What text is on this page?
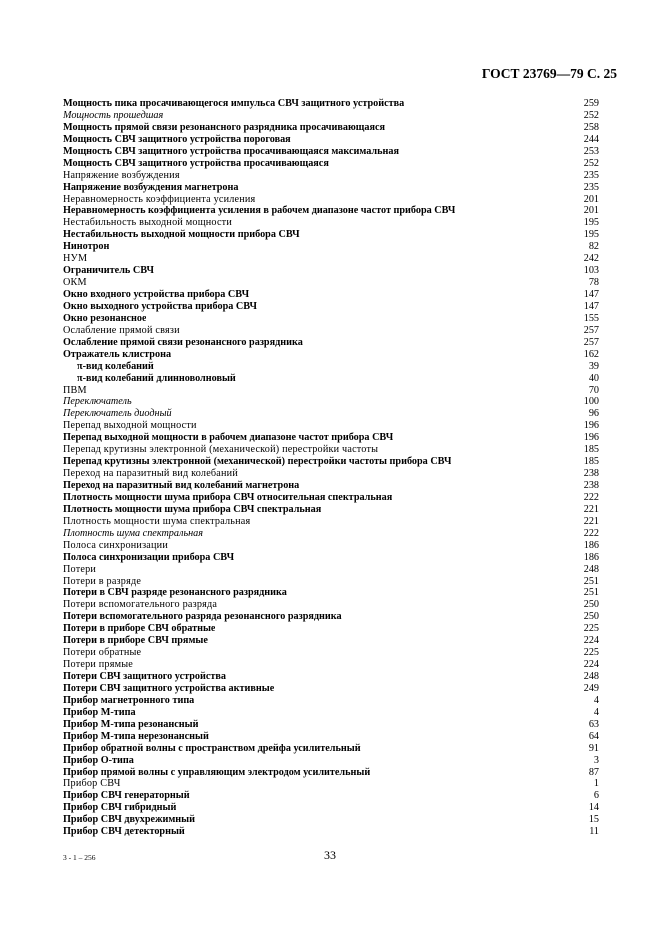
ГОСТ 23769—79 С. 25
Мощность пика просачивающегося импульса СВЧ защитного устройства	259
Мощность прошедшая	252
Мощность прямой связи резонансного разрядника просачивающаяся	258
Мощность СВЧ защитного устройства пороговая	244
Мощность СВЧ защитного устройства просачивающаяся максимальная	253
Мощность СВЧ защитного устройства просачивающаяся	252
Напряжение возбуждения	235
Напряжение возбуждения магнетрона	235
Неравномерность коэффициента усиления	201
Неравномерность коэффициента усиления в рабочем диапазоне частот прибора СВЧ	201
Нестабильность выходной мощности	195
Нестабильность выходной мощности прибора СВЧ	195
Нинотрон	82
НУМ	242
Ограничитель СВЧ	103
ОКМ	78
Окно входного устройства прибора СВЧ	147
Окно выходного устройства прибора СВЧ	147
Окно резонансное	155
Ослабление прямой связи	257
Ослабление прямой связи резонансного разрядника	257
Отражатель клистрона	162
π-вид колебаний	39
π-вид колебаний длинноволновый	40
ПВМ	70
Переключатель	100
Переключатель диодный	96
Перепад выходной мощности	196
Перепад выходной мощности в рабочем диапазоне частот прибора СВЧ	196
Перепад крутизны электронной (механической) перестройки частоты	185
Перепад крутизны электронной (механической) перестройки частоты прибора СВЧ	185
Переход на паразитный вид колебаний	238
Переход на паразитный вид колебаний магнетрона	238
Плотность мощности шума прибора СВЧ относительная спектральная	222
Плотность мощности шума прибора СВЧ спектральная	221
Плотность мощности шума спектральная	221
Плотность шума спектральная	222
Полоса синхронизации	186
Полоса синхронизации прибора СВЧ	186
Потери	248
Потери в разряде	251
Потери в СВЧ разряде резонансного разрядника	251
Потери вспомогательного разряда	250
Потери вспомогательного разряда резонансного разрядника	250
Потери в приборе СВЧ обратные	225
Потери в приборе СВЧ прямые	224
Потери обратные	225
Потери прямые	224
Потери СВЧ защитного устройства	248
Потери СВЧ защитного устройства активные	249
Прибор магнетронного типа	4
Прибор М-типа	4
Прибор М-типа резонансный	63
Прибор М-типа нерезонансный	64
Прибор обратной волны с пространством дрейфа усилительный	91
Прибор О-типа	3
Прибор прямой волны с управляющим электродом усилительный	87
Прибор СВЧ	1
Прибор СВЧ генераторный	6
Прибор СВЧ гибридный	14
Прибор СВЧ двухрежимный	15
Прибор СВЧ детекторный	11
3 - 1 – 256	33
